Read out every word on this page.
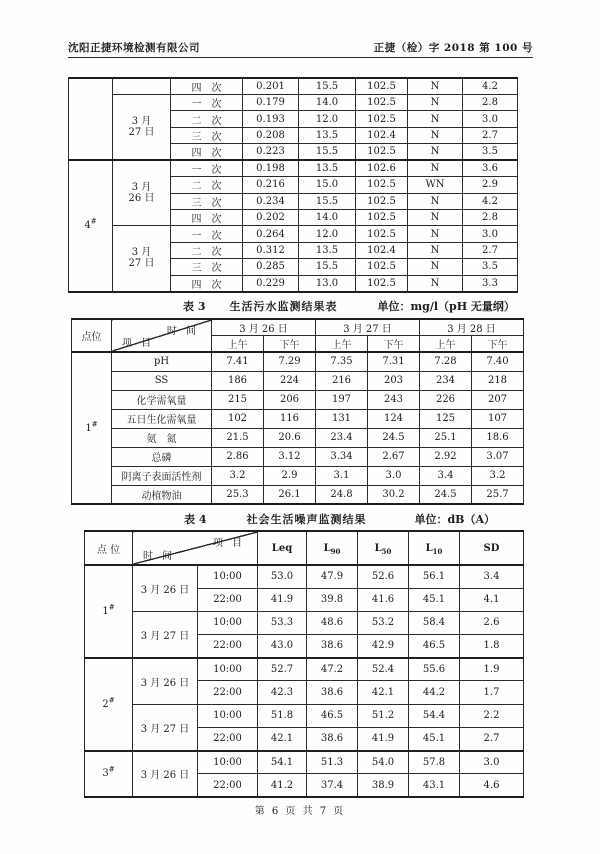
沈阳正捷环境检测有限公司	正捷（检）字 2018 第 100 号
		四　次	0.201	15.5	102.5	N	4.2

	3 月
27 日	一　次	0.179	14.0	102.5	N	2.8
		二　次	0.193	12.0	102.5	N	3.0
		三　次	0.208	13.5	102.4	N	2.7
		四　次	0.223	15.5	102.5	N	3.5
4#	3 月
26 日	一　次	0.198	13.5	102.6	N	3.6
		二　次	0.216	15.0	102.5	WN	2.9
		三　次	0.234	15.5	102.5	N	4.2
		四　次	0.202	14.0	102.5	N	2.8

	3 月
27 日	一　次	0.264	12.0	102.5	N	3.0
		二　次	0.312	13.5	102.4	N	2.7
		三　次	0.285	15.5	102.5	N	3.5
		四　次	0.229	13.0	102.5	N	3.3
表 3 生活污水监测结果表	单位：mg/l（pH 无量纲）
点位	时 间
项 目	3 月 26 日		3 月 27 日		3 月 28 日	
		上午	下午	上午	下午	上午	下午
1#	pH	7.41	7.29	7.35	7.31	7.28	7.40
	SS	186	224	216	203	234	218
	化学需氧量	215	206	197	243	226	207
	五日生化需氧量	102	116	131	124	125	107
	氨　氮	21.5	20.6	23.4	24.5	25.1	18.6
	总磷	2.86	3.12	3.34	2.67	2.92	3.07
	阴离子表面活性剂	3.2	2.9	3.1	3.0	3.4	3.2
	动植物油	25.3	26.1	24.8	30.2	24.5	25.7
表 4	社会生活噪声监测结果	单位：dB（A）
点 位	项 目
时 间		Leq	$L_{90}$	$L_{50}$	$L_{10}$	SD
1#	3 月 26 日	10:00	53.0	47.9	52.6	56.1	3.4
		22:00	41.9	39.8	41.6	45.1	4.1
	3 月 27 日	10:00	53.3	48.6	53.2	58.4	2.6
		22:00	43.0	38.6	42.9	46.5	1.8
2#	3 月 26 日	10:00	52.7	47.2	52.4	55.6	1.9
		22:00	42.3	38.6	42.1	44.2	1.7
	3 月 27 日	10:00	51.8	46.5	51.2	54.4	2.2
		22:00	42.1	38.6	41.9	45.1	2.7
3#	3 月 26 日	10:00	54.1	51.3	54.0	57.8	3.0
		22:00	41.2	37.4	38.9	43.1	4.6
第 6 页 共 7 页
